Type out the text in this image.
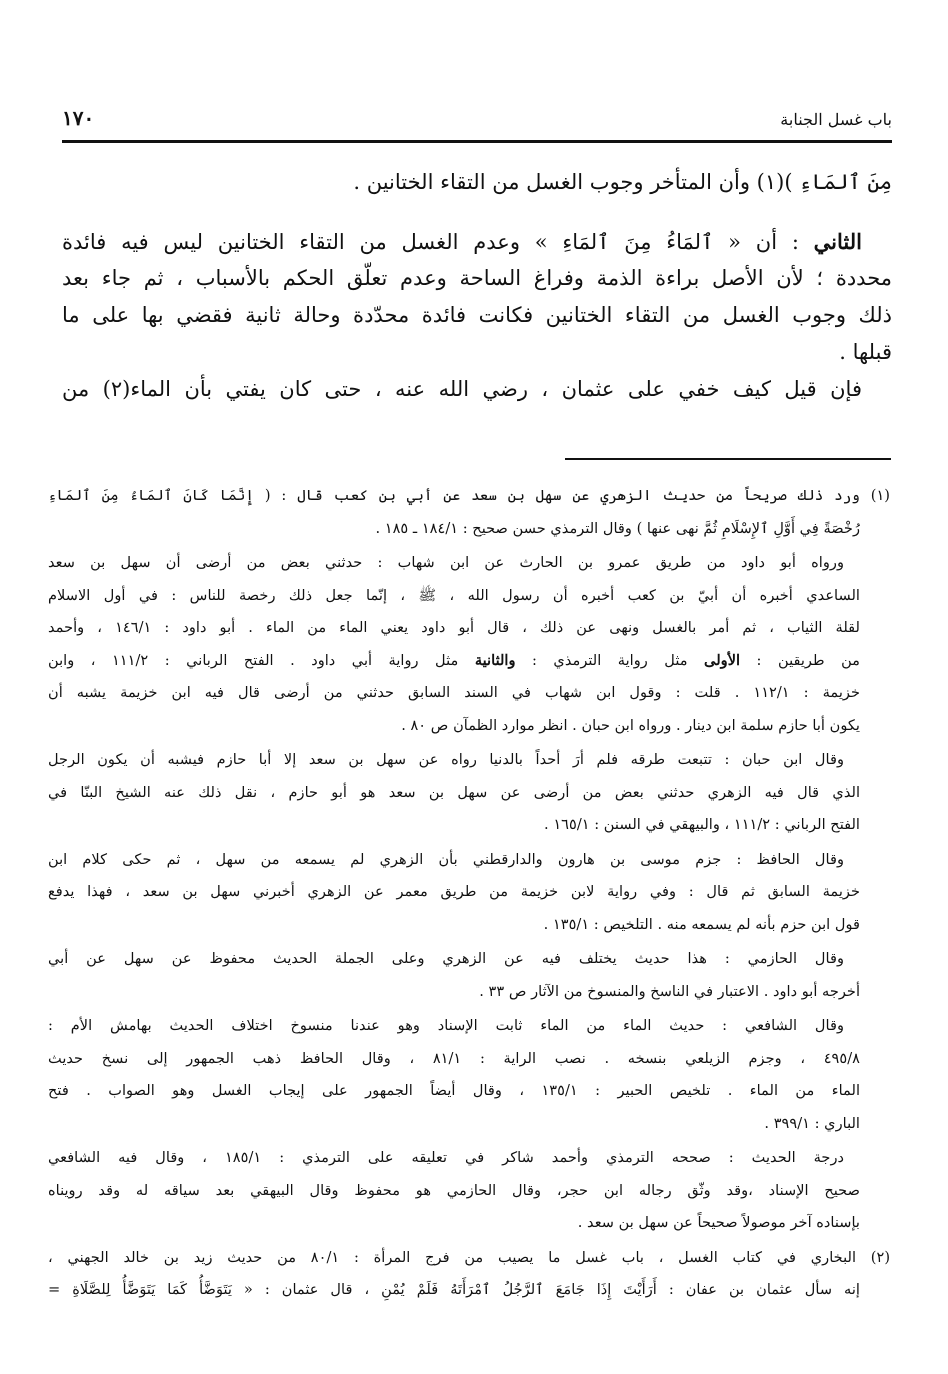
باب غسل الجنابة
١٧٠
مِنَ ٱلمَاءِ )(١) وأن المتأخر وجوب الغسل من التقاء الختانين .
الثاني : أن « ٱلمَاءُ مِنَ ٱلمَاءِ » وعدم الغسل من التقاء الختانين ليس فيه فائدة
محددة ؛ لأن الأصل براءة الذمة وفراغ الساحة وعدم تعلّق الحكم بالأسباب ، ثم جاء بعد
ذلك وجوب الغسل من التقاء الختانين فكانت فائدة محدّدة وحالة ثانية فقضي بها على ما
قبلها .
فإن قيل كيف خفي على عثمان ، رضي الله عنه ، حتى كان يفتي بأن الماء(٢) من
(١) ورد ذلك صريحاً من حديث الزهري عن سهل بن سعد عن أبي بن كعب قال : ( إِنَّمَا كَانَ ٱلمَاءُ مِنَ ٱلمَاءِ
رُخْصَةً فِي أَوَّلِ ٱلإِسْلَامِ ثُمَّ نهى عنها ) وقال الترمذي حسن صحيح : ١٨٤/١ ـ ١٨٥ .
ورواه أبو داود من طريق عمرو بن الحارث عن ابن شهاب : حدثني بعض من أرضى أن سهل بن سعد
الساعدي أخبره أن أبيّ بن كعب أخبره أن رسول الله ، ﷺ ، إنّما جعل ذلك رخصة للناس : في أول الاسلام
لقلة الثياب ، ثم أمر بالغسل ونهى عن ذلك ، قال أبو داود يعني الماء من الماء . أبو داود : ١٤٦/١ ، وأحمد
من طريقين : الأولى مثل رواية الترمذي : والثانية مثل رواية أبي داود . الفتح الرباني : ١١١/٢ ، وابن
خزيمة : ١١٢/١ . قلت : وقول ابن شهاب في السند السابق حدثني من أرضى قال فيه ابن خزيمة يشبه أن
يكون أبا حازم سلمة ابن دينار . ورواه ابن حبان . انظر موارد الظمآن ص ٨٠ .
وقال ابن حبان : تتبعت طرقه فلم أرَ أحداً بالدنيا رواه عن سهل بن سعد إلا أبا حازم فيشبه أن يكون الرجل
الذي قال فيه الزهري حدثني بعض من أرضى عن سهل بن سعد هو أبو حازم ، نقل ذلك عنه الشيخ البنّا في
الفتح الرباني : ١١١/٢ ، والبيهقي في السنن : ١٦٥/١ .
وقال الحافظ : جزم موسى بن هارون والدارقطني بأن الزهري لم يسمعه من سهل ، ثم حكى كلام ابن
خزيمة السابق ثم قال : وفي رواية لابن خزيمة من طريق معمر عن الزهري أخبرني سهل بن سعد ، فهذا يدفع
قول ابن حزم بأنه لم يسمعه منه . التلخيص : ١٣٥/١ .
وقال الحازمي : هذا حديث يختلف فيه عن الزهري وعلى الجملة الحديث محفوظ عن سهل عن أبي
أخرجه أبو داود . الاعتبار في الناسخ والمنسوخ من الآثار ص ٣٣ .
وقال الشافعي : حديث الماء من الماء ثابت الإسناد وهو عندنا منسوخ اختلاف الحديث بهامش الأم :
٤٩٥/٨ ، وجزم الزيلعي بنسخه . نصب الراية : ٨١/١ ، وقال الحافظ ذهب الجمهور إلى نسخ حديث
الماء من الماء . تلخيص الحبير : ١٣٥/١ ، وقال أيضاً الجمهور على إيجاب الغسل وهو الصواب . فتح
الباري : ٣٩٩/١ .
درجة الحديث : صححه الترمذي وأحمد شاكر في تعليقه على الترمذي : ١٨٥/١ ، وقال فيه الشافعي
صحيح الإسناد ،وقد وثّق رجاله ابن حجر، وقال الحازمي هو محفوظ وقال البيهقي بعد سياقه له وقد رويناه
بإسناده آخر موصولاً صحيحاً عن سهل بن سعد .
(٢) البخاري في كتاب الغسل ، باب غسل ما يصيب من فرج المرأة : ٨٠/١ من حديث زيد بن خالد الجهني ،
إنه سأل عثمان بن عفان : أَرَأَيْتَ إِذَا جَامَعَ ٱلرَّجُلُ ٱمْرَأَتَهُ فَلَمْ يُمْنِ ، قال عثمان : « يَتَوَضَّأُ كَمَا يَتَوَضَّأُ لِلصَّلَاةِ =
